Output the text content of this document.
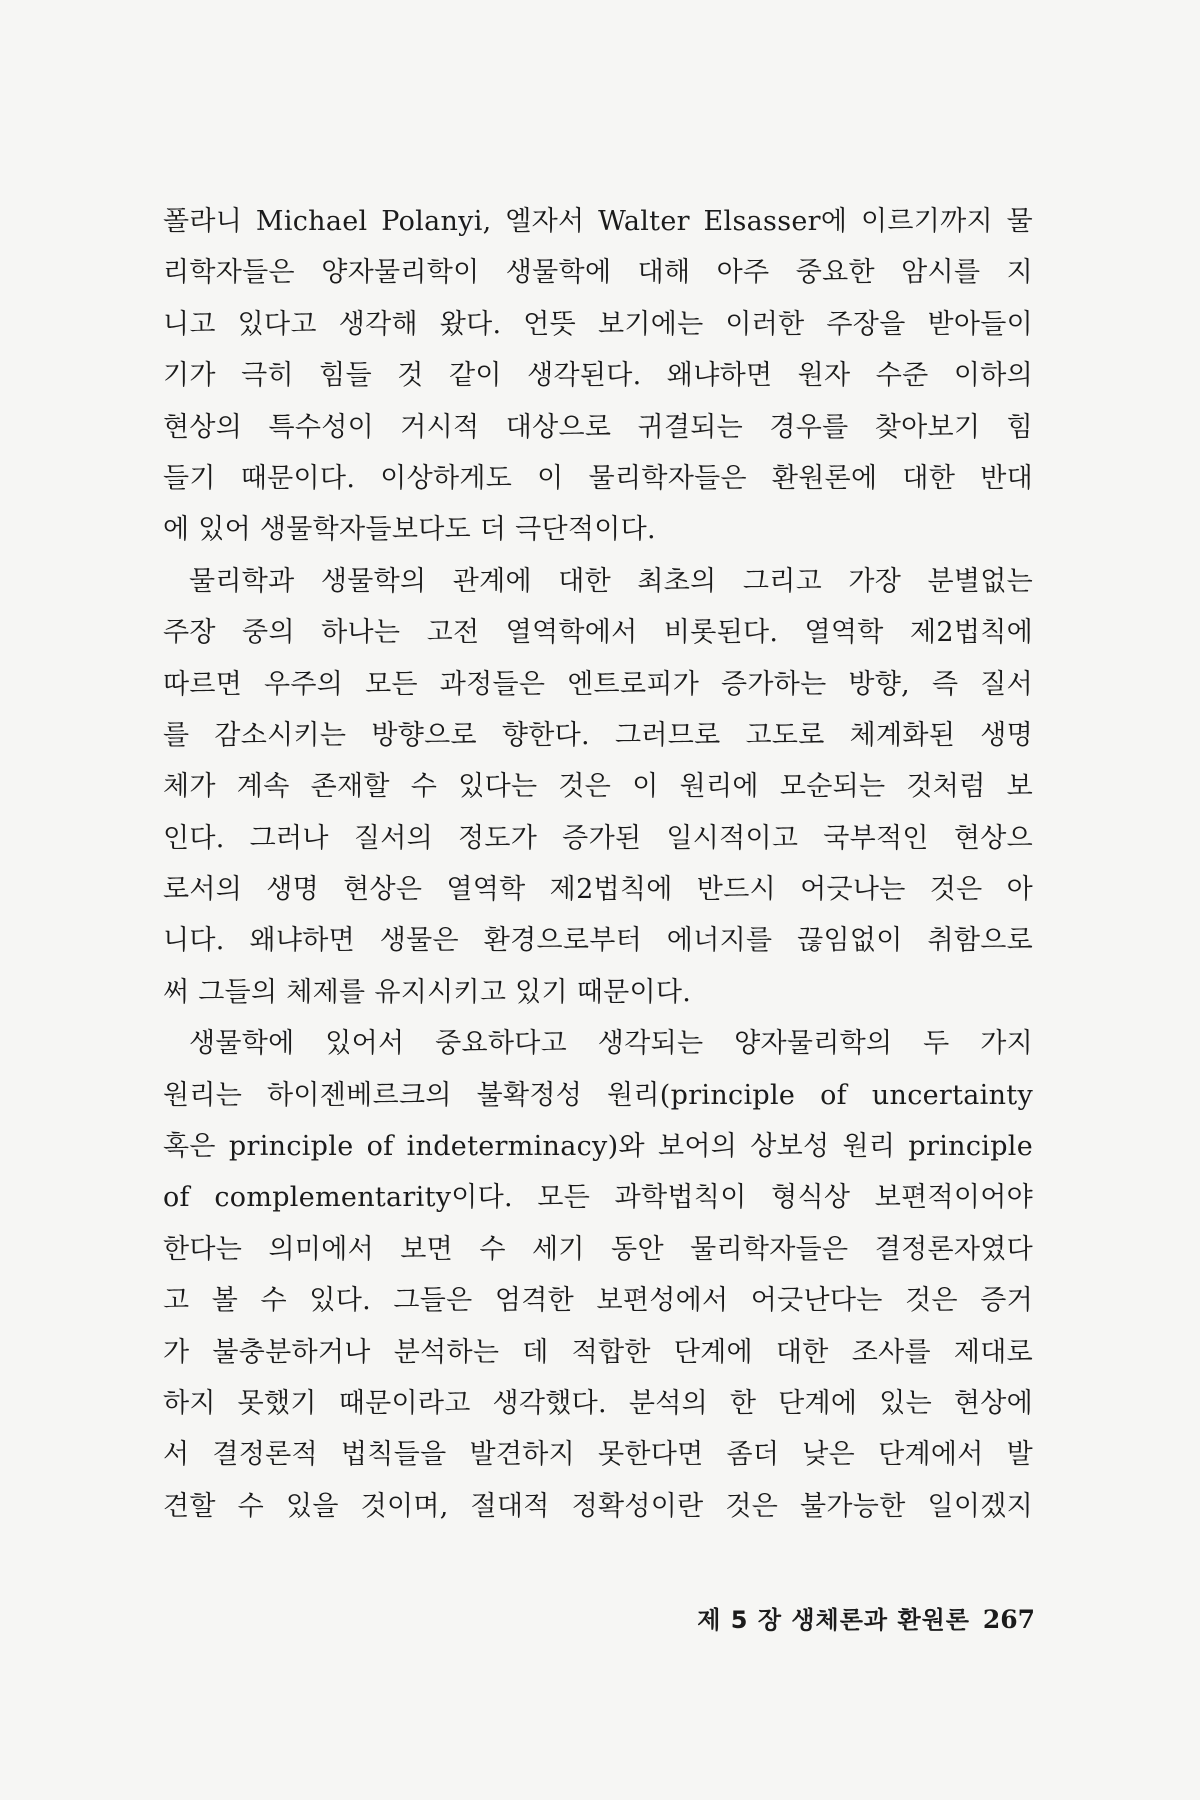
폴라니 Michael Polanyi, 엘자서 Walter Elsasser에 이르기까지 물
리학자들은 양자물리학이 생물학에 대해 아주 중요한 암시를 지
니고 있다고 생각해 왔다. 언뜻 보기에는 이러한 주장을 받아들이
기가 극히 힘들 것 같이 생각된다. 왜냐하면 원자 수준 이하의
현상의 특수성이 거시적 대상으로 귀결되는 경우를 찾아보기 힘
들기 때문이다. 이상하게도 이 물리학자들은 환원론에 대한 반대
에 있어 생물학자들보다도 더 극단적이다.
물리학과 생물학의 관계에 대한 최초의 그리고 가장 분별없는
주장 중의 하나는 고전 열역학에서 비롯된다. 열역학 제2법칙에
따르면 우주의 모든 과정들은 엔트로피가 증가하는 방향, 즉 질서
를 감소시키는 방향으로 향한다. 그러므로 고도로 체계화된 생명
체가 계속 존재할 수 있다는 것은 이 원리에 모순되는 것처럼 보
인다. 그러나 질서의 정도가 증가된 일시적이고 국부적인 현상으
로서의 생명 현상은 열역학 제2법칙에 반드시 어긋나는 것은 아
니다. 왜냐하면 생물은 환경으로부터 에너지를 끊임없이 취함으로
써 그들의 체제를 유지시키고 있기 때문이다.
생물학에 있어서 중요하다고 생각되는 양자물리학의 두 가지
원리는 하이젠베르크의 불확정성 원리(principle of uncertainty
혹은 principle of indeterminacy)와 보어의 상보성 원리 principle
of complementarity이다. 모든 과학법칙이 형식상 보편적이어야
한다는 의미에서 보면 수 세기 동안 물리학자들은 결정론자였다
고 볼 수 있다. 그들은 엄격한 보편성에서 어긋난다는 것은 증거
가 불충분하거나 분석하는 데 적합한 단계에 대한 조사를 제대로
하지 못했기 때문이라고 생각했다. 분석의 한 단계에 있는 현상에
서 결정론적 법칙들을 발견하지 못한다면 좀더 낮은 단계에서 발
견할 수 있을 것이며, 절대적 정확성이란 것은 불가능한 일이겠지
제 5 장 생체론과 환원론 267
